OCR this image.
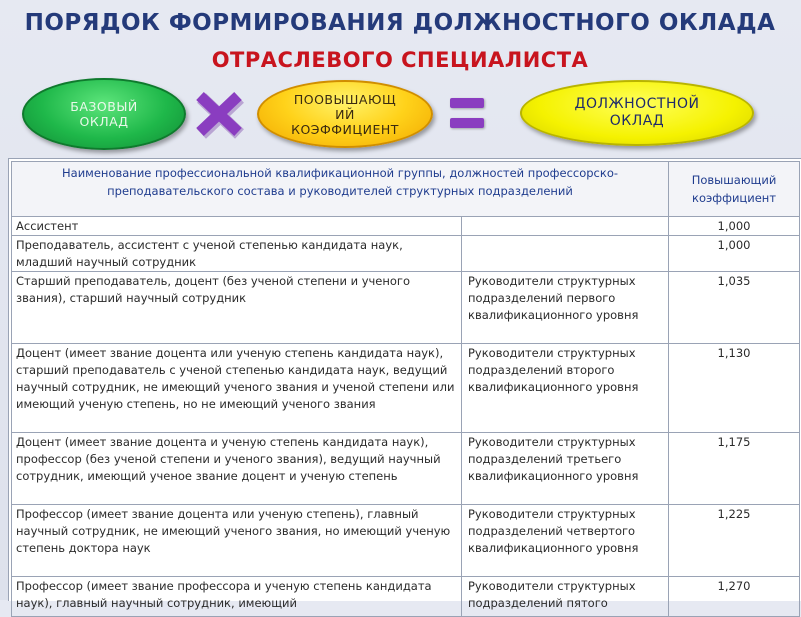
ПОРЯДОК ФОРМИРОВАНИЯ ДОЛЖНОСТНОГО ОКЛАДА
ОТРАСЛЕВОГО СПЕЦИАЛИСТА
БАЗОВЫЙ
ОКЛАД
ПООВЫШАЮЩ
ИЙ
КОЭФФИЦИЕНТ
ДОЛЖНОСТНОЙ
ОКЛАД
Наименование профессиональной квалификационной группы, должностей профессорско-преподавательского состава и руководителей структурных подразделений		Повышающий коэффициент
Ассистент		1,000
Преподаватель, ассистент с ученой степенью кандидата наук, младший научный сотрудник		1,000
Старший преподаватель, доцент (без ученой степени и ученого звания), старший научный сотрудник	Руководители структурных подразделений первого квалификационного уровня	1,035
Доцент (имеет звание доцента или ученую степень кандидата наук), старший преподаватель с ученой степенью кандидата наук, ведущий научный сотрудник, не имеющий ученого звания и ученой степени или имеющий ученую степень, но не имеющий ученого звания	Руководители структурных подразделений второго квалификационного уровня	1,130
Доцент (имеет звание доцента и ученую степень кандидата наук), профессор (без ученой степени и ученого звания), ведущий научный сотрудник, имеющий ученое звание доцент и ученую степень	Руководители структурных подразделений третьего квалификационного уровня	1,175
Профессор (имеет звание доцента или ученую степень), главный научный сотрудник, не имеющий ученого звания, но имеющий ученую степень доктора наук	Руководители структурных подразделений четвертого квалификационного уровня	1,225
Профессор (имеет звание профессора и ученую степень кандидата наук), главный научный сотрудник, имеющий	Руководители структурных подразделений пятого	1,270
